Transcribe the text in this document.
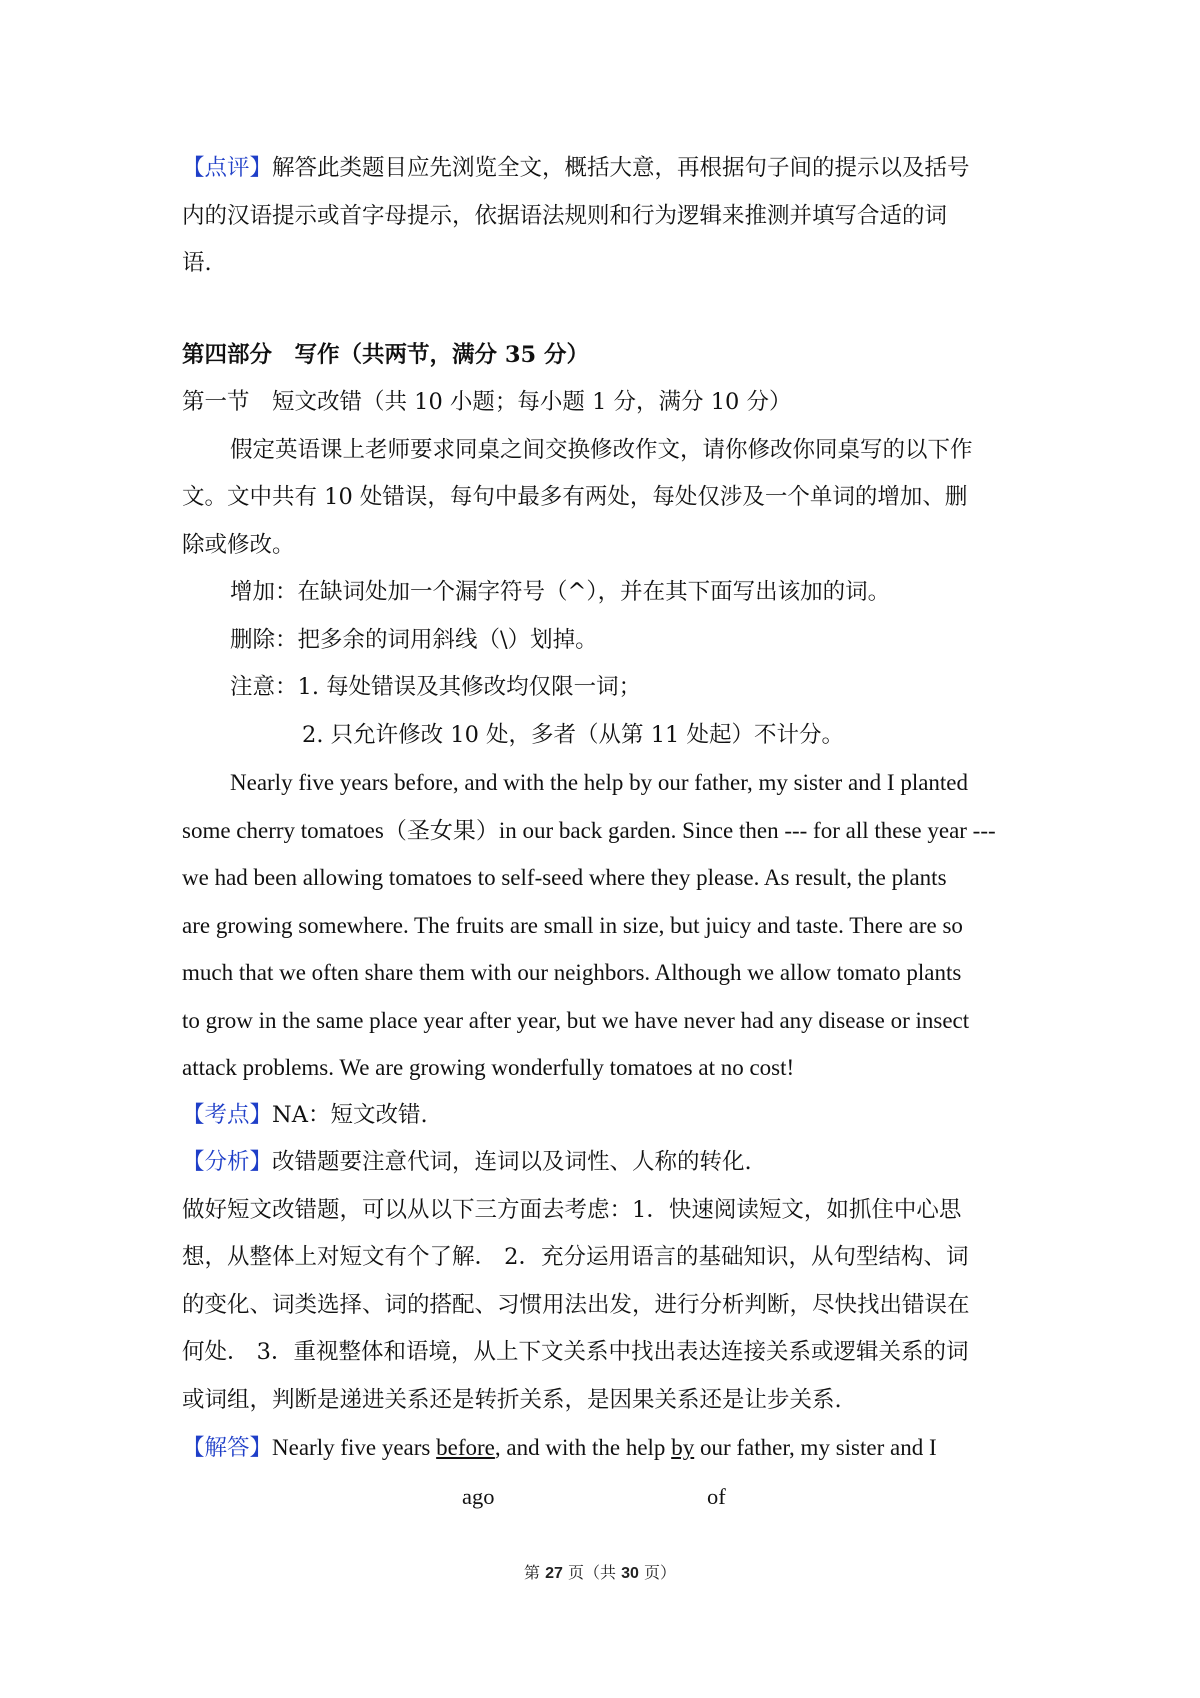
【点评】解答此类题目应先浏览全文，概括大意，再根据句子间的提示以及括号
内的汉语提示或首字母提示，依据语法规则和行为逻辑来推测并填写合适的词
语.
第四部分　写作（共两节，满分 35 分）
第一节　短文改错（共 10 小题；每小题 1 分，满分 10 分）
假定英语课上老师要求同桌之间交换修改作文，请你修改你同桌写的以下作
文。文中共有 10 处错误，每句中最多有两处，每处仅涉及一个单词的增加、删
除或修改。
增加：在缺词处加一个漏字符号（^），并在其下面写出该加的词。
删除：把多余的词用斜线（\）划掉。
注意：1. 每处错误及其修改均仅限一词；
2. 只允许修改 10 处，多者（从第 11 处起）不计分。
Nearly five years before, and with the help by our father, my sister and I planted
some cherry tomatoes（圣女果）in our back garden. Since then --- for all these year ---
we had been allowing tomatoes to self-seed where they please. As result, the plants
are growing somewhere. The fruits are small in size, but juicy and taste. There are so
much that we often share them with our neighbors. Although we allow tomato plants
to grow in the same place year after year, but we have never had any disease or insect
attack problems. We are growing wonderfully tomatoes at no cost!
【考点】NA：短文改错.
【分析】改错题要注意代词，连词以及词性、人称的转化.
做好短文改错题，可以从以下三方面去考虑：1．快速阅读短文，如抓住中心思
想，从整体上对短文有个了解． 2．充分运用语言的基础知识，从句型结构、词
的变化、词类选择、词的搭配、习惯用法出发，进行分析判断，尽快找出错误在
何处． 3．重视整体和语境，从上下文关系中找出表达连接关系或逻辑关系的词
或词组，判断是递进关系还是转折关系，是因果关系还是让步关系.
【解答】Nearly five years before, and with the help by our father, my sister and I
ago	of
第 27 页（共 30 页）
